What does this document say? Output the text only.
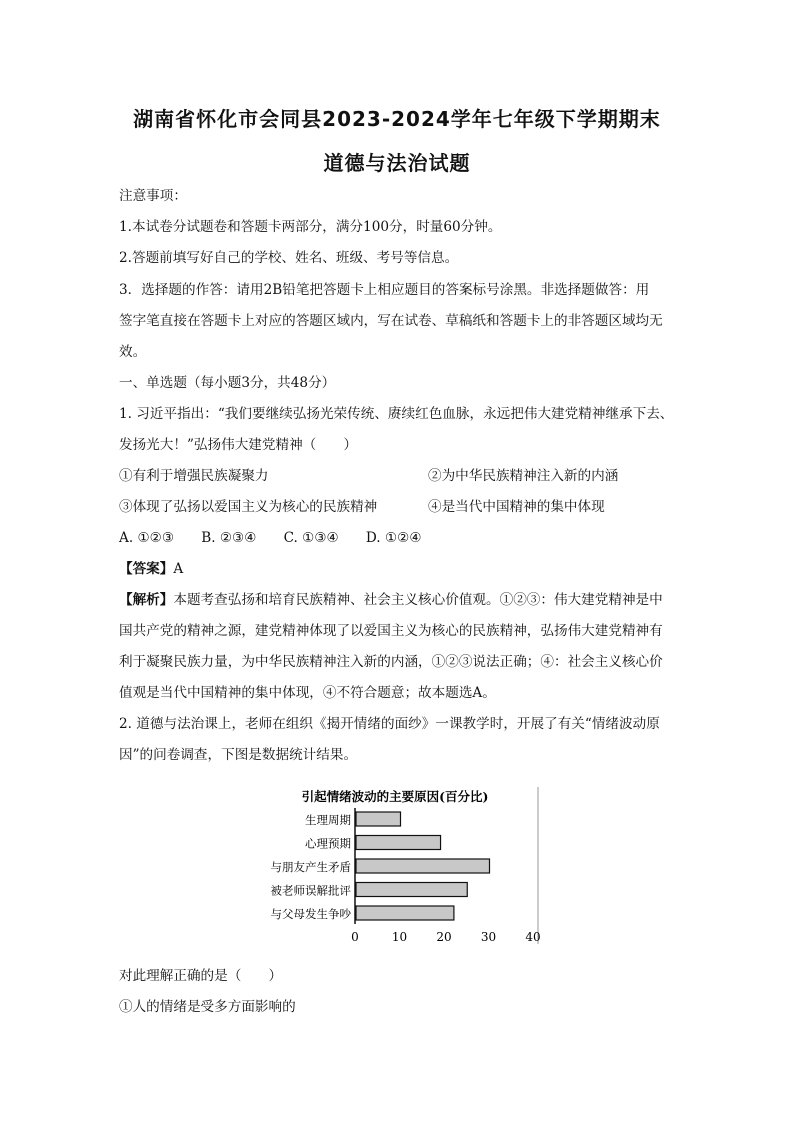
湖南省怀化市会同县2023-2024学年七年级下学期期末
道德与法治试题
注意事项：
1.本试卷分试题卷和答题卡两部分，满分100分，时量60分钟。
2.答题前填写好自己的学校、姓名、班级、考号等信息。
3．选择题的作答：请用2B铅笔把答题卡上相应题目的答案标号涂黑。非选择题做答：用
签字笔直接在答题卡上对应的答题区域内，写在试卷、草稿纸和答题卡上的非答题区域均无
效。
一、单选题（每小题3分，共48分）
1. 习近平指出：“我们要继续弘扬光荣传统、赓续红色血脉，永远把伟大建党精神继承下去、
发扬光大！”弘扬伟大建党精神（　　）
①有利于增强民族凝聚力	②为中华民族精神注入新的内涵
③体现了弘扬以爱国主义为核心的民族精神	④是当代中国精神的集中体现
A. ①②③　　B. ②③④　　C. ①③④　　D. ①②④
【答案】A
【解析】本题考查弘扬和培育民族精神、社会主义核心价值观。①②③：伟大建党精神是中
国共产党的精神之源，建党精神体现了以爱国主义为核心的民族精神，弘扬伟大建党精神有
利于凝聚民族力量，为中华民族精神注入新的内涵，①②③说法正确；④：社会主义核心价
值观是当代中国精神的集中体现，④不符合题意；故本题选A。
2. 道德与法治课上，老师在组织《揭开情绪的面纱》一课教学时，开展了有关“情绪波动原
因”的问卷调查，下图是数据统计结果。
引起情绪波动的主要原因(百分比)
生理周期
心理预期
与朋友产生矛盾
被老师误解批评
与父母发生争吵
0	10 20 30 40
对此理解正确的是（　　）
①人的情绪是受多方面影响的
